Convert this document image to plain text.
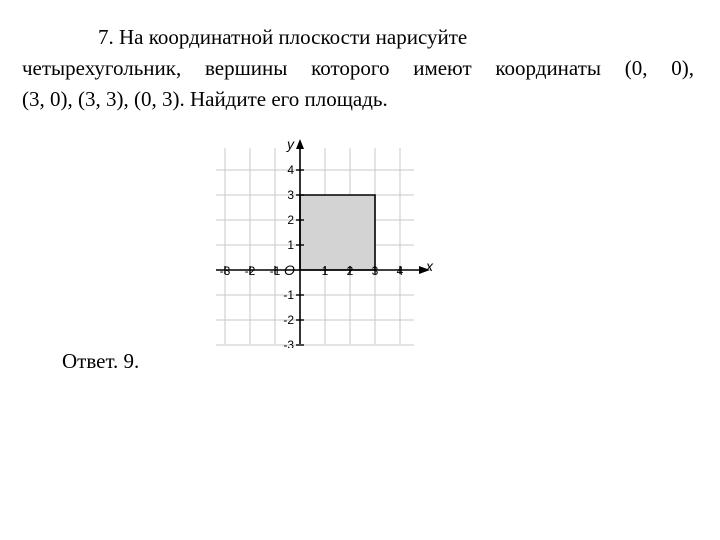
7. На координатной плоскости нарисуйте
четырехугольник, вершины которого имеют координаты (0, 0),
(3, 0), (3, 3), (0, 3). Найдите его площадь.
-3 -2 -1	1 2 3 4
4
3
2
1
-1
-2
-3
x
y
O
Ответ. 9.
